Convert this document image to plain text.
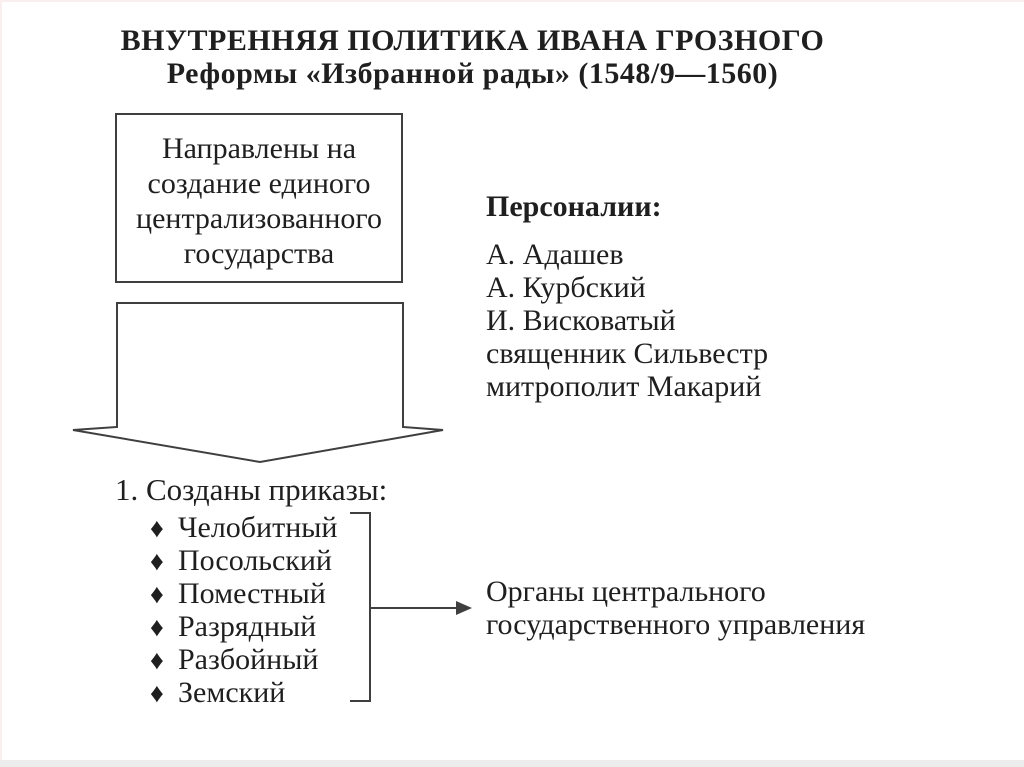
ВНУТРЕННЯЯ ПОЛИТИКА ИВАНА ГРОЗНОГО
Реформы «Избранной рады» (1548/9—1560)
Направлены на
создание единого
централизованного
государства
Персоналии:
А. Адашев
А. Курбский
И. Висковатый
священник Сильвестр
митрополит Макарий
1. Созданы приказы:
♦ Челобитный
♦ Посольский
♦ Поместный
♦ Разрядный
♦ Разбойный
♦ Земский
Органы центрального
государственного управления
